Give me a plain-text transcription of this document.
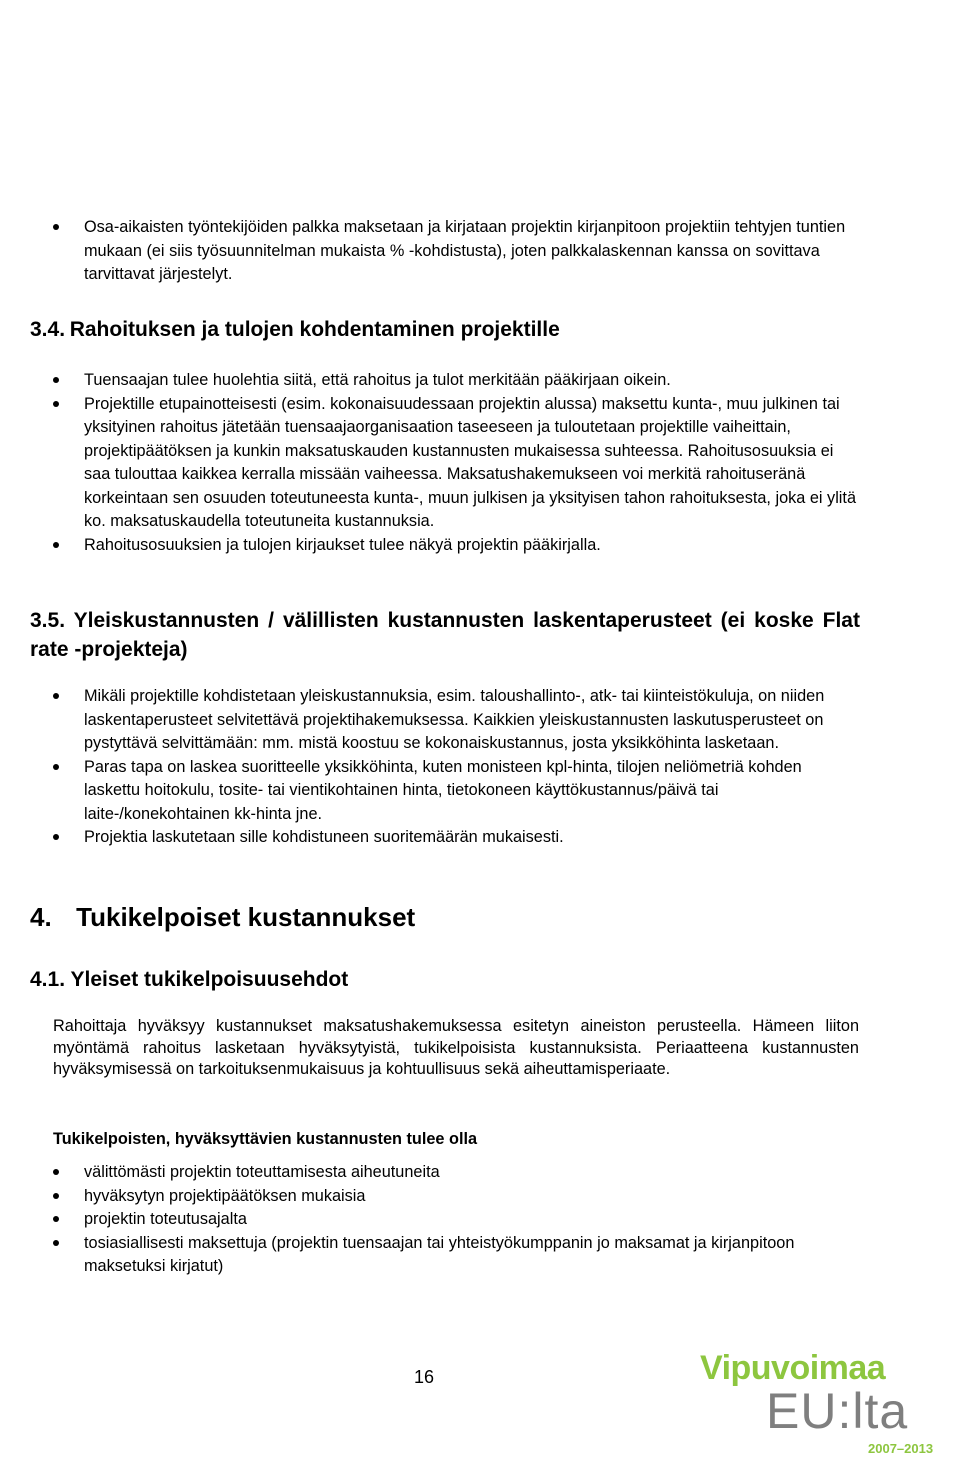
Osa-aikaisten työntekijöiden palkka maksetaan ja kirjataan projektin kirjanpitoon projektiin tehtyjen tuntien mukaan (ei siis työsuunnitelman mukaista % -kohdistusta), joten palkkalaskennan kanssa on sovittava tarvittavat järjestelyt.
3.4. Rahoituksen ja tulojen kohdentaminen projektille
Tuensaajan tulee huolehtia siitä, että rahoitus ja tulot merkitään pääkirjaan oikein.
Projektille etupainotteisesti (esim. kokonaisuudessaan projektin alussa) maksettu kunta-, muu julkinen tai yksityinen rahoitus jätetään tuensaajaorganisaation taseeseen ja tuloutetaan projektille vaiheittain, projektipäätöksen ja kunkin maksatuskauden kustannusten mukaisessa suhteessa. Rahoitusosuuksia ei saa tulouttaa kaikkea kerralla missään vaiheessa. Maksatushakemukseen voi merkitä rahoituseränä korkeintaan sen osuuden toteutuneesta kunta-, muun julkisen ja yksityisen tahon rahoituksesta, joka ei ylitä ko. maksatuskaudella toteutuneita kustannuksia.
Rahoitusosuuksien ja tulojen kirjaukset tulee näkyä projektin pääkirjalla.
3.5. Yleiskustannusten / välillisten kustannusten laskentaperusteet (ei koske Flat rate -projekteja)
Mikäli projektille kohdistetaan yleiskustannuksia, esim. taloushallinto-, atk- tai kiinteistökuluja, on niiden laskentaperusteet selvitettävä projektihakemuksessa. Kaikkien yleiskustannusten laskutusperusteet on pystyttävä selvittämään: mm. mistä koostuu se kokonaiskustannus, josta yksikköhinta lasketaan.
Paras tapa on laskea suoritteelle yksikköhinta, kuten monisteen kpl-hinta, tilojen neliömetriä kohden laskettu hoitokulu, tosite- tai vientikohtainen hinta, tietokoneen käyttökustannus/päivä tai laite-/konekohtainen kk-hinta jne.
Projektia laskutetaan sille kohdistuneen suoritemäärän mukaisesti.
4. Tukikelpoiset kustannukset
4.1. Yleiset tukikelpoisuusehdot
Rahoittaja hyväksyy kustannukset maksatushakemuksessa esitetyn aineiston perusteella. Hämeen liiton myöntämä rahoitus lasketaan hyväksytyistä, tukikelpoisista kustannuksista. Periaatteena kustannusten hyväksymisessä on tarkoituksenmukaisuus ja kohtuullisuus sekä aiheuttamisperiaate.
Tukikelpoisten, hyväksyttävien kustannusten tulee olla
välittömästi projektin toteuttamisesta aiheutuneita
hyväksytyn projektipäätöksen mukaisia
projektin toteutusajalta
tosiasiallisesti maksettuja (projektin tuensaajan tai yhteistyökumppanin jo maksamat ja kirjanpitoon maksetuksi kirjatut)
16	Vipuvoimaa
EU:lta
2007–2013
